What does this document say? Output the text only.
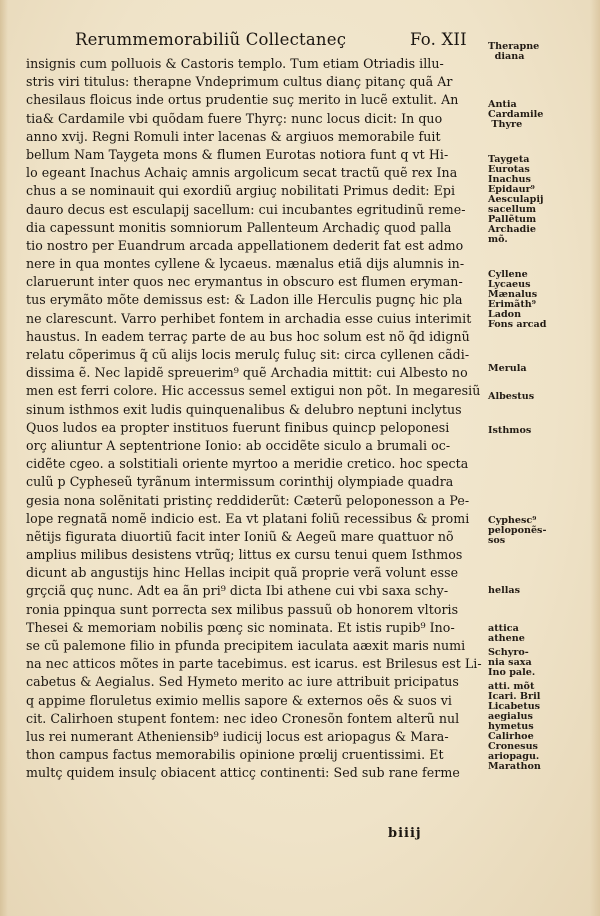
Rerummemorabiliũ Collectaneç	Fo. XII
insignis cum polluois & Castoris templo. Tum etiam Otriadis illu-
stris viri titulus: therapne Vndeprimum cultus dianç pitanç quã Ar
chesilaus floicus inde ortus prudentie suç merito in lucẽ extulit. An
tia& Cardamile vbi quõdam fuere Thyrç: nunc locus dicit: In quo
anno xvij. Regni Romuli inter lacenas & argiuos memorabile fuit
bellum Nam Taygeta mons & flumen Eurotas notiora funt q vt Hi-
lo egeant Inachus Achaiç amnis argolicum secat tractũ quẽ rex Ina
chus a se nominauit qui exordiũ argiuç nobilitati Primus dedit: Epi
dauro decus est esculapij sacellum: cui incubantes egritudinũ reme-
dia capessunt monitis somniorum Pallenteum Archadiç quod palla
tio nostro per Euandrum arcada appellationem dederit fat est admo
nere in qua montes cyllene & lycaeus. mænalus etiã dijs alumnis in-
claruerunt inter quos nec erymantus in obscuro est flumen eryman-
tus erymãto mõte demissus est: & Ladon ille Herculis pugnç hic pla
ne clarescunt. Varro perhibet fontem in archadia esse cuius interimit
haustus. In eadem terraç parte de au bus hoc solum est nõ q̃d idignũ
relatu cõperimus q̃ cũ alijs locis merulç fuluç sit: circa cyllenen cãdi-
dissima ẽ. Nec lapidẽ spreuerim⁹ quẽ Archadia mittit: cui Albesto no
men est ferri colore. Hic accessus semel extigui non põt. In megaresiũ
sinum isthmos exit ludis quinquenalibus & delubro neptuni inclytus
Quos ludos ea propter instituos fuerunt finibus quincp peloponesi
orç aliuntur A septentrione Ionio: ab occidẽte siculo a brumali oc-
cidẽte cgeo. a solstitiali oriente myrtoo a meridie cretico. hoc specta
culũ p Cypheseũ tyrãnum intermissum corinthij olympiade quadra
gesia nona solẽnitati pristinç reddiderũt: Cæterũ peloponesson a Pe-
lope regnatã nomẽ indicio est. Ea vt platani foliũ recessibus & promi
nẽtijs figurata diuortiũ facit inter Ioniũ & Aegeũ mare quattuor nõ
amplius milibus desistens vtrũq; littus ex cursu tenui quem Isthmos
dicunt ab angustijs hinc Hellas incipit quã proprie verã volunt esse
grçciã quç nunc. Adt ea ãn pri⁹ dicta Ibi athene cui vbi saxa schy-
ronia ppinqua sunt porrecta sex milibus passuũ ob honorem vltoris
Thesei & memoriam nobilis pœnç sic nominata. Et istis rupib⁹ Ino-
se cũ palemone filio in pfunda precipitem iaculata aæxit maris numi
na nec atticos mõtes in parte tacebimus. est icarus. est Brilesus est Li-
cabetus & Aegialus. Sed Hymeto merito ac iure attribuit pricipatus
q appime floruletus eximio mellis sapore & externos oẽs & suos vi
cit. Calirhoen stupent fontem: nec ideo Cronesõn fontem alterũ nul
lus rei numerant Atheniensib⁹ iudicij locus est ariopagus & Mara-
thon campus factus memorabilis opinione prœlij cruentissimi. Et
multç quidem insulç obiacent atticç continenti: Sed sub rane ferme
Therapne
diana
Antia
Cardamile
Thyre
Taygeta
Eurotas
Inachus
Epidaur⁹
Aesculapij
sacellum
Pallẽtum
Archadie
mõ.
Cyllene
Lycaeus
Mænalus
Erimãth⁹
Ladon
Fons arcad
Merula
Albestus
Isthmos
Cyphesc⁹
peloponẽs-
sos
hellas
attica
athene
Schyro-
nia saxa
Ino pale.
atti. mõt
Icari. Bril
Licabetus
aegialus
hymetus
Calirhoe
Cronesus
ariopagu.
Marathon
biiij
